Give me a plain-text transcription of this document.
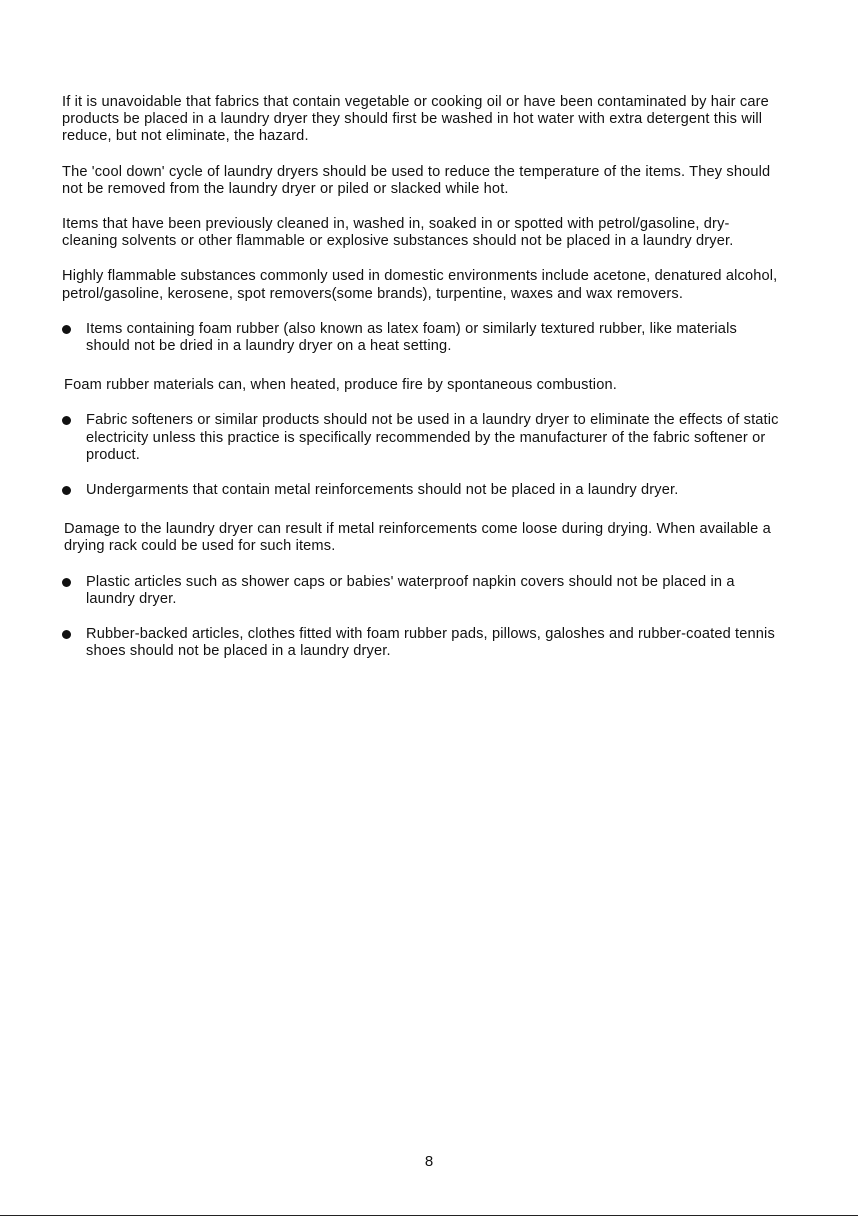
If it is unavoidable that fabrics that contain vegetable or cooking oil or have been contaminated by hair care products be placed in a laundry dryer they should first be washed in hot water with extra detergent this will reduce, but not eliminate, the hazard.

The 'cool down' cycle of laundry dryers should be used to reduce the temperature of the items. They should not be removed from the laundry dryer or piled or slacked while hot.

Items that have been previously cleaned in, washed in, soaked in or spotted with petrol/gasoline, dry-cleaning solvents or other flammable or explosive substances should not be placed in a laundry dryer.

Highly flammable substances commonly used in domestic environments include acetone, denatured alcohol, petrol/gasoline, kerosene, spot removers(some brands), turpentine, waxes and wax removers.

Items containing foam rubber (also known as latex foam) or similarly textured rubber, like materials should not be dried in a laundry dryer on a heat setting.

Foam rubber materials can, when heated, produce fire by spontaneous combustion.

Fabric softeners or similar products should not be used in a laundry dryer to eliminate the effects of static electricity unless this practice is specifically recommended by the manufacturer of the fabric softener or product.
Undergarments that contain metal reinforcements should not be placed in a laundry dryer.

Damage to the laundry dryer can result if metal reinforcements come loose during drying. When available a drying rack could be used for such items.

Plastic articles such as shower caps or babies' waterproof napkin covers should not be placed in a laundry dryer.
Rubber-backed articles, clothes fitted with foam rubber pads, pillows, galoshes and rubber-coated tennis shoes should not be placed in a laundry dryer.
8
